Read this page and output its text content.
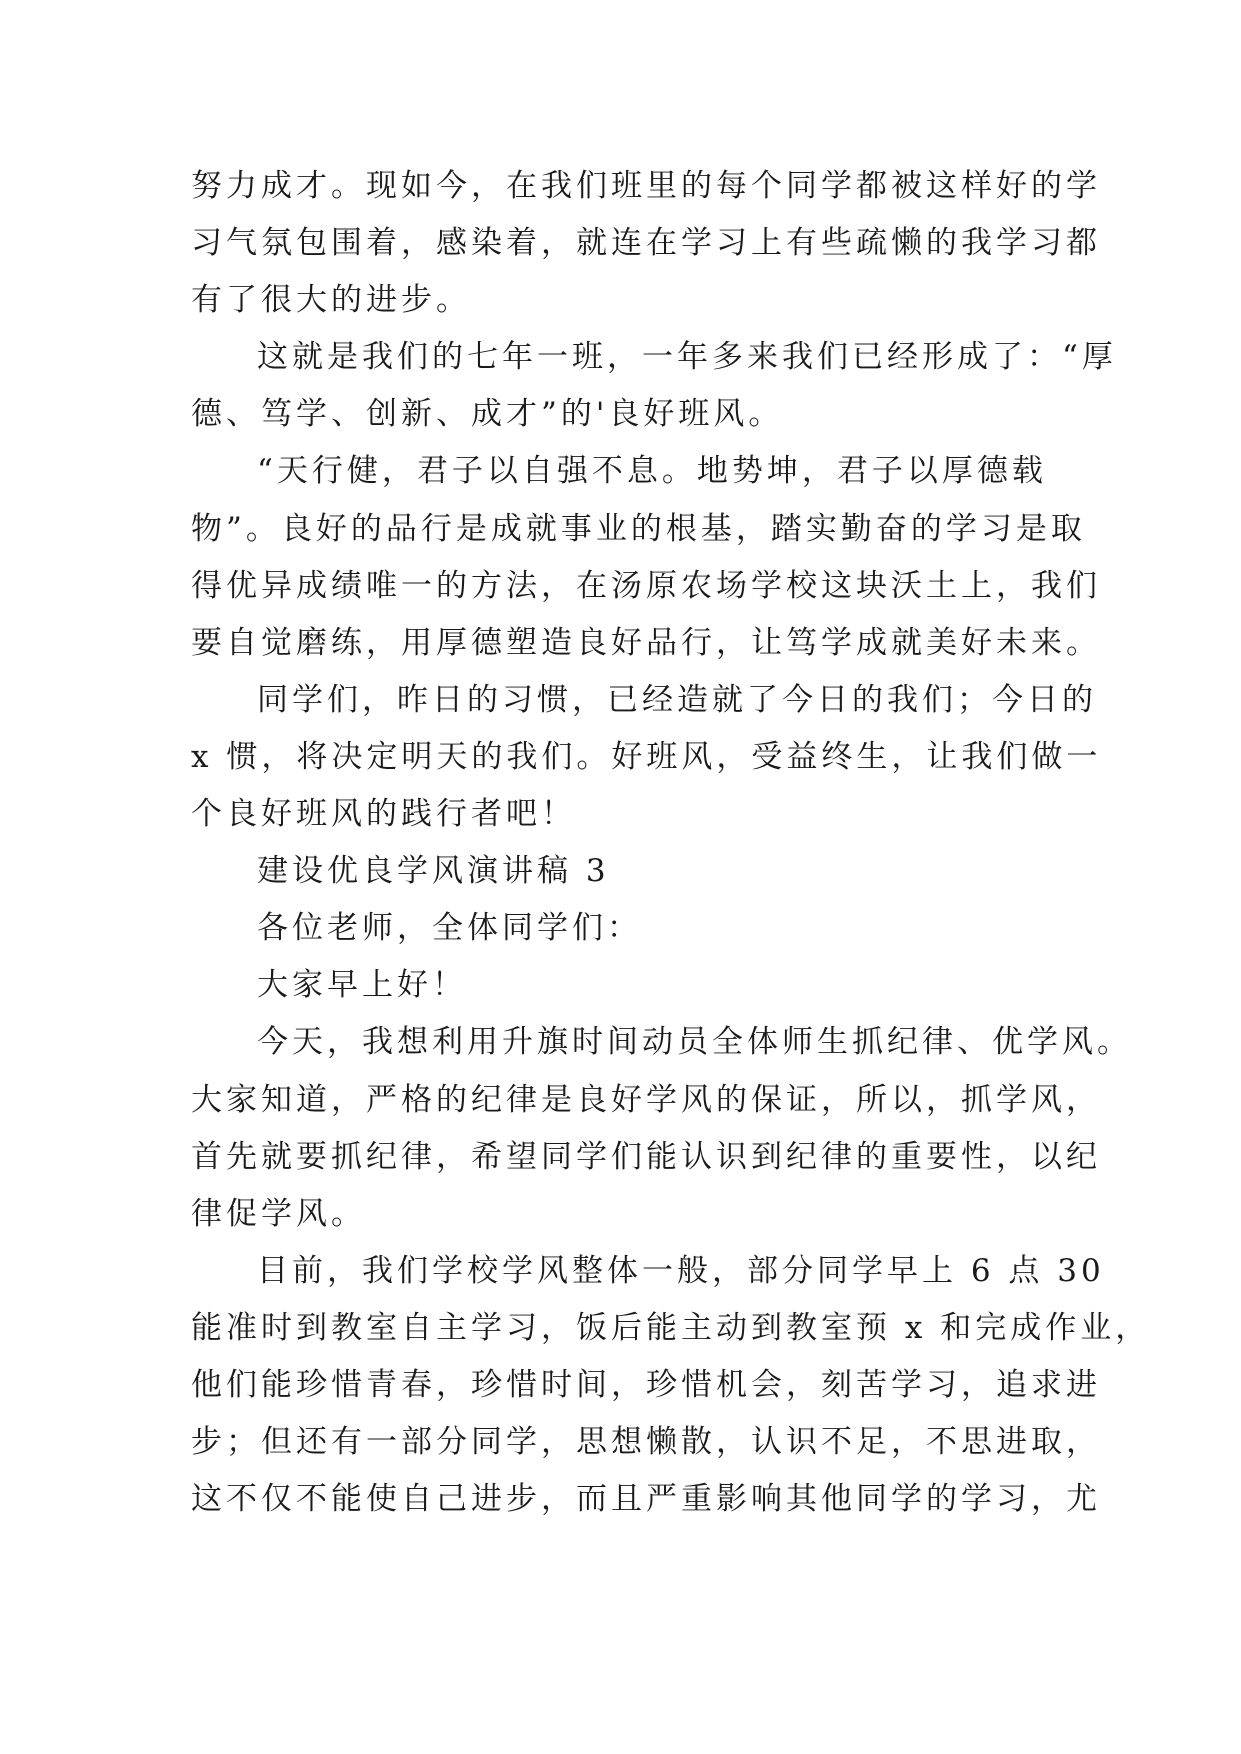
努力成才。现如今，在我们班里的每个同学都被这样好的学
习气氛包围着，感染着，就连在学习上有些疏懒的我学习都
有了很大的进步。
这就是我们的七年一班，一年多来我们已经形成了：“厚
德、笃学、创新、成才”的'良好班风。
“天行健，君子以自强不息。地势坤，君子以厚德载
物”。良好的品行是成就事业的根基，踏实勤奋的学习是取
得优异成绩唯一的方法，在汤原农场学校这块沃土上，我们
要自觉磨练，用厚德塑造良好品行，让笃学成就美好未来。
同学们，昨日的习惯，已经造就了今日的我们；今日的
x 惯，将决定明天的我们。好班风，受益终生，让我们做一
个良好班风的践行者吧！
建设优良学风演讲稿 3
各位老师，全体同学们：
大家早上好！
今天，我想利用升旗时间动员全体师生抓纪律、优学风。
大家知道，严格的纪律是良好学风的保证，所以，抓学风，
首先就要抓纪律，希望同学们能认识到纪律的重要性，以纪
律促学风。
目前，我们学校学风整体一般，部分同学早上 6 点 30
能准时到教室自主学习，饭后能主动到教室预 x 和完成作业，
他们能珍惜青春，珍惜时间，珍惜机会，刻苦学习，追求进
步；但还有一部分同学，思想懒散，认识不足，不思进取，
这不仅不能使自己进步，而且严重影响其他同学的学习，尤
